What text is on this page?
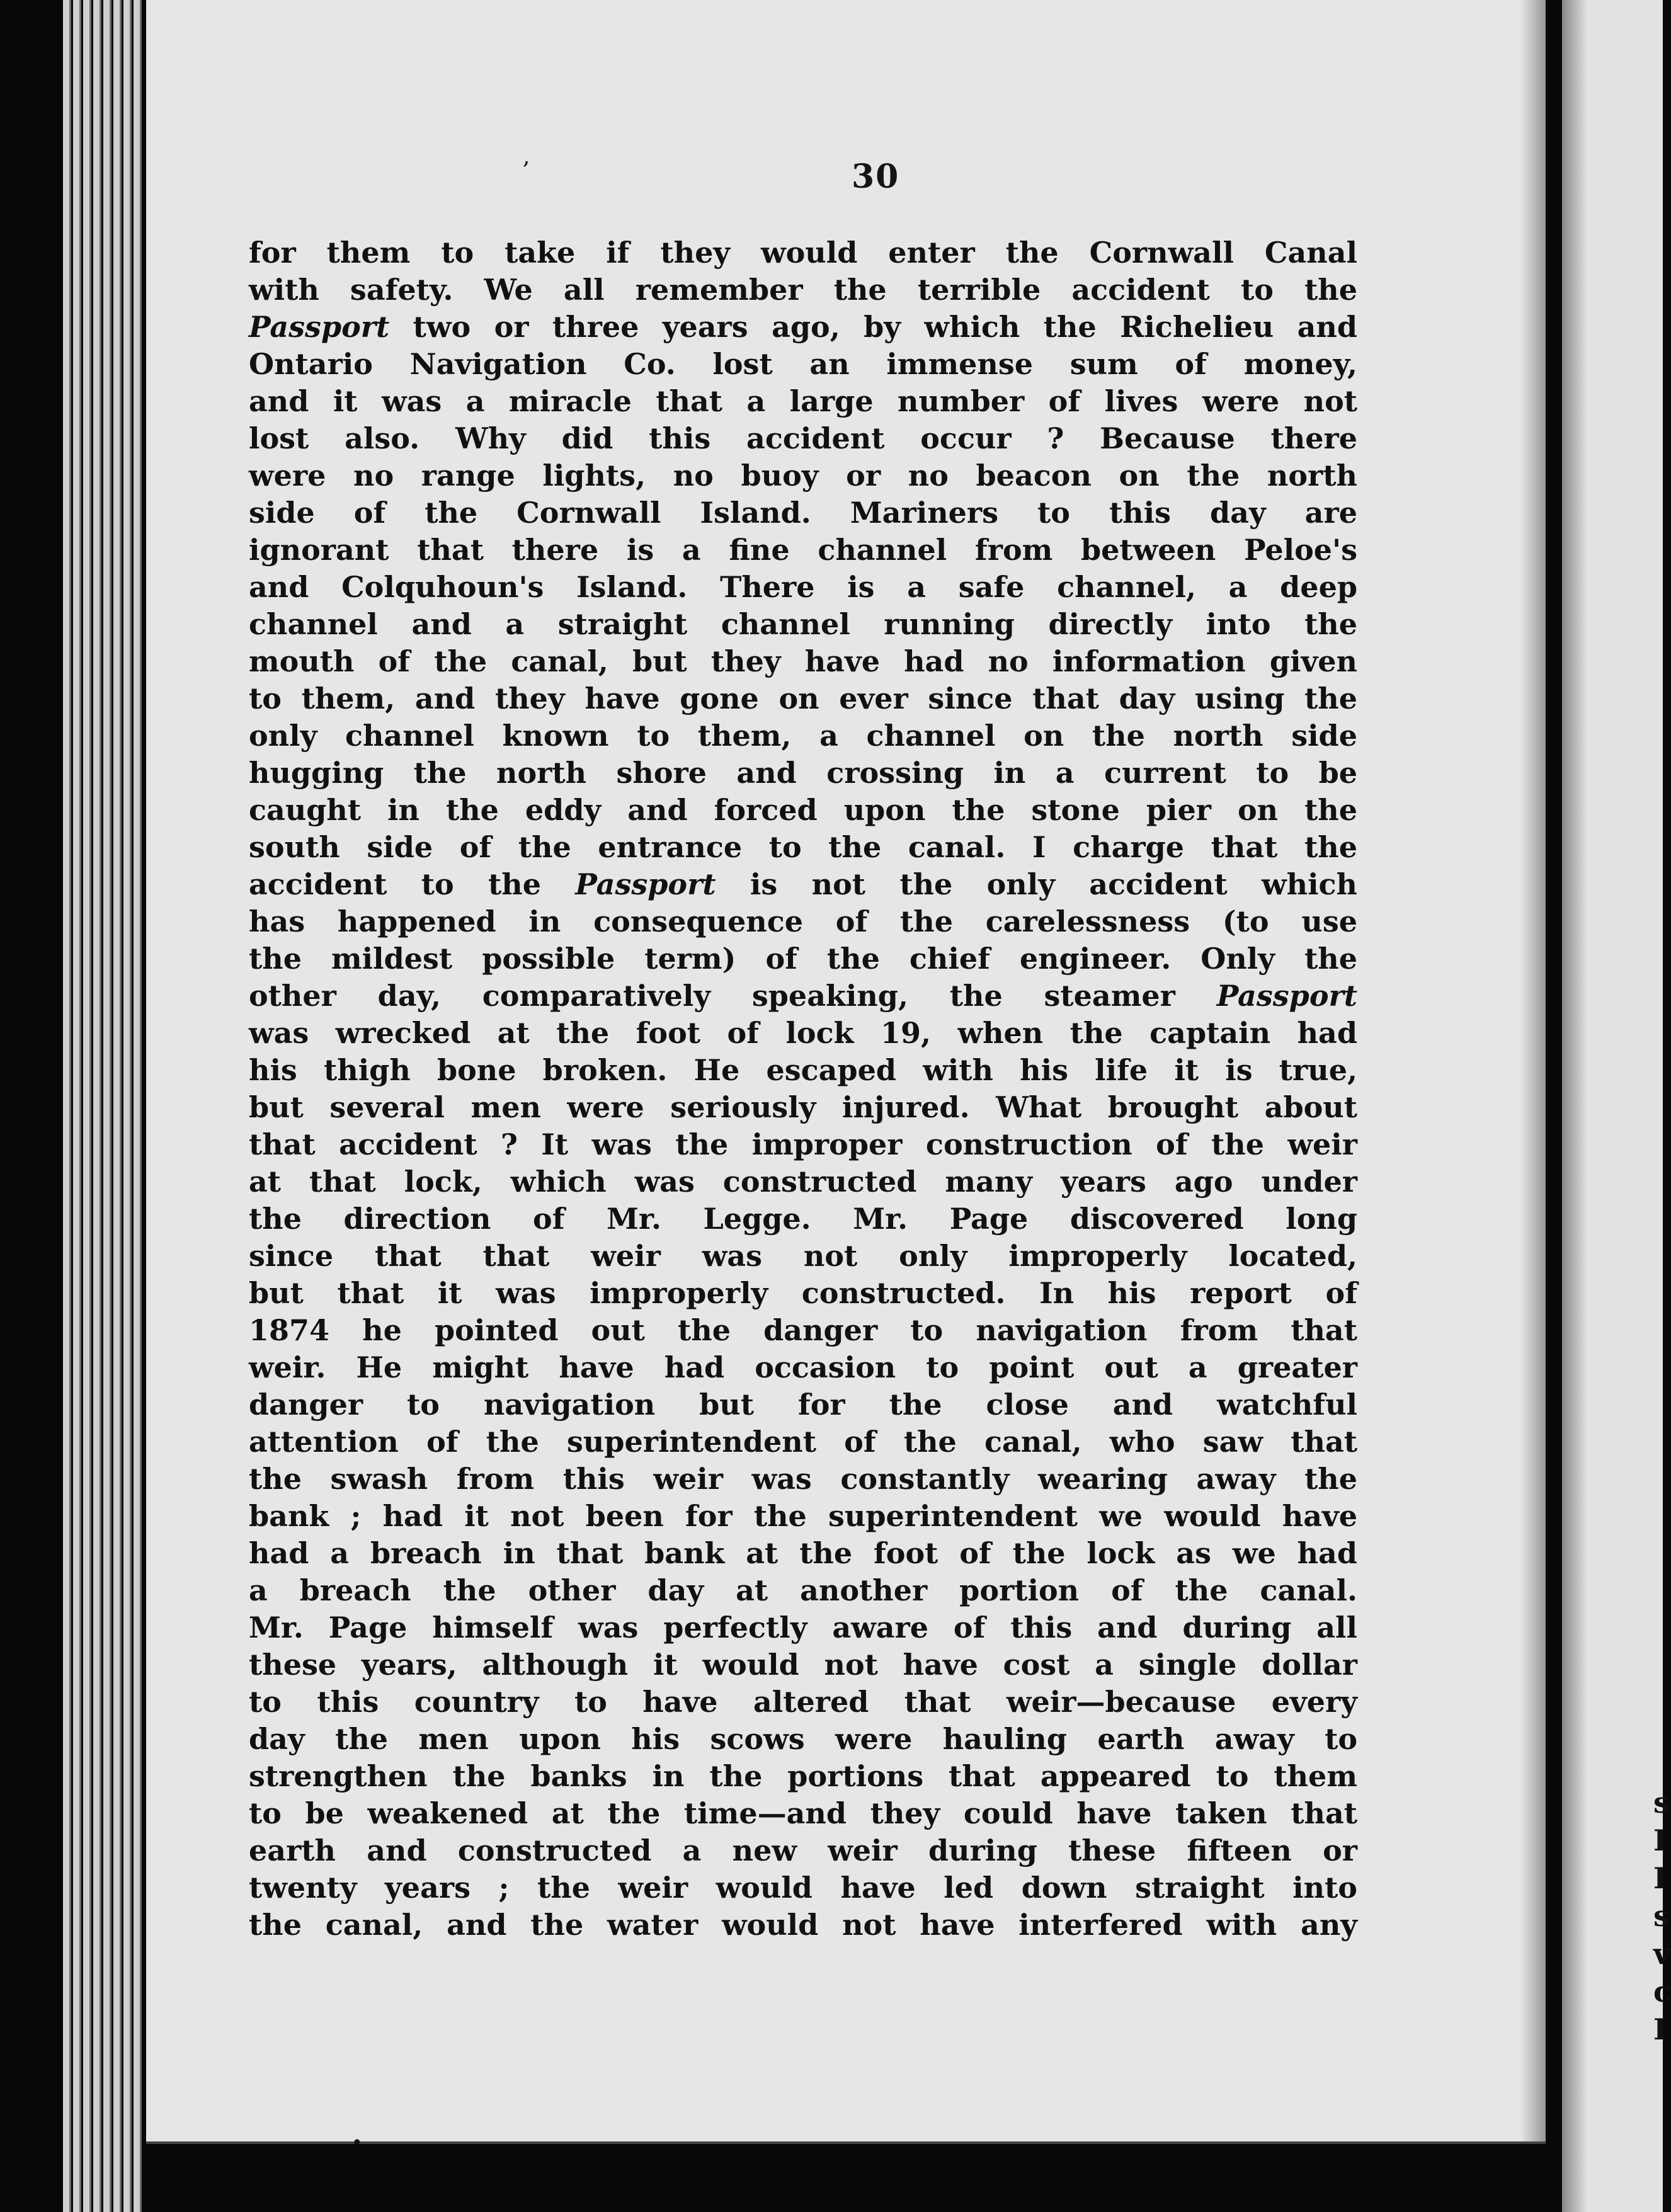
30
for them to take if they would enter the Cornwall Canal
with safety. We all remember the terrible accident to the
Passport two or three years ago, by which the Richelieu and
Ontario Navigation Co. lost an immense sum of money,
and it was a miracle that a large number of lives were not
lost also. Why did this accident occur ? Because there
were no range lights, no buoy or no beacon on the north
side of the Cornwall Island. Mariners to this day are
ignorant that there is a fine channel from between Peloe's
and Colquhoun's Island. There is a safe channel, a deep
channel and a straight channel running directly into the
mouth of the canal, but they have had no information given
to them, and they have gone on ever since that day using the
only channel known to them, a channel on the north side
hugging the north shore and crossing in a current to be
caught in the eddy and forced upon the stone pier on the
south side of the entrance to the canal. I charge that the
accident to the Passport is not the only accident which
has happened in consequence of the carelessness (to use
the mildest possible term) of the chief engineer. Only the
other day, comparatively speaking, the steamer Passport
was wrecked at the foot of lock 19, when the captain had
his thigh bone broken. He escaped with his life it is true,
but several men were seriously injured. What brought about
that accident ? It was the improper construction of the weir
at that lock, which was constructed many years ago under
the direction of Mr. Legge. Mr. Page discovered long
since that that weir was not only improperly located,
but that it was improperly constructed. In his report of
1874 he pointed out the danger to navigation from that
weir. He might have had occasion to point out a greater
danger to navigation but for the close and watchful
attention of the superintendent of the canal, who saw that
the swash from this weir was constantly wearing away the
bank ; had it not been for the superintendent we would have
had a breach in that bank at the foot of the lock as we had
a breach the other day at another portion of the canal.
Mr. Page himself was perfectly aware of this and during all
these years, although it would not have cost a single dollar
to this country to have altered that weir—because every
day the men upon his scows were hauling earth away to
strengthen the banks in the portions that appeared to them
to be weakened at the time—and they could have taken that
earth and constructed a new weir during these fifteen or
twenty years ; the weir would have led down straight into
the canal, and the water would not have interfered with any
s
I
I
s
v
c
I
,
•
